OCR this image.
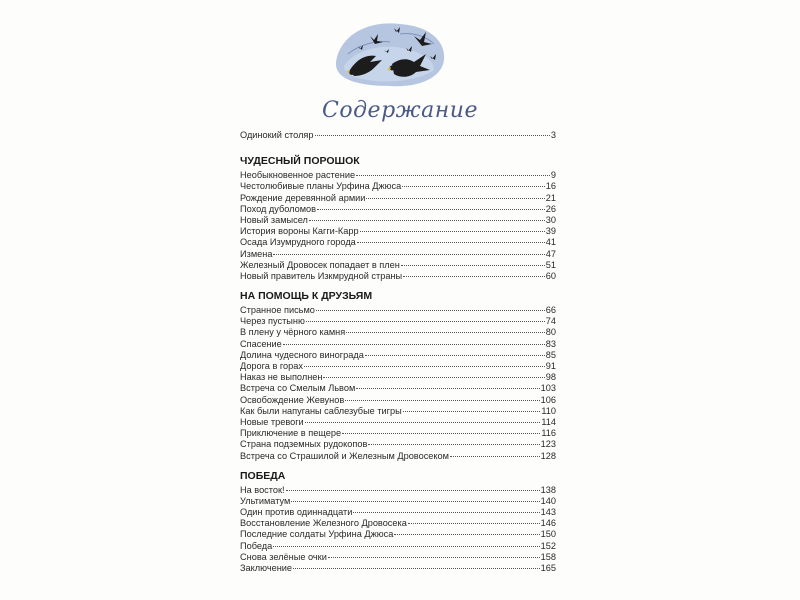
Содержание
Одинокий столяр	3
ЧУДЕСНЫЙ ПОРОШОК
Необыкновенное растение	9
Честолюбивые планы Урфина Джюса	16
Рождение деревянной армии	21
Поход дуболомов	26
Новый замысел	30
История вороны Кагги-Карр	39
Осада Изумрудного города	41
Измена	47
Железный Дровосек попадает в плен	51
Новый правитель Изкмрудной страны	60
НА ПОМОЩЬ К ДРУЗЬЯМ
Странное письмо	66
Через пустыню	74
В плену у чёрного камня	80
Спасение	83
Долина чудесного винограда	85
Дорога в горах	91
Наказ не выполнен	98
Встреча со Смелым Львом	103
Освобождение Жевунов	106
Как были напуганы саблезубые тигры	110
Новые тревоги	114
Приключение в пещере	116
Страна подземных рудокопов	123
Встреча со Страшилой и Железным Дровосеком	128
ПОБЕДА
На восток!	138
Ультиматум	140
Один против одиннадцати	143
Восстановление Железного Дровосека	146
Последние солдаты Урфина Джюса	150
Победа	152
Снова зелёные очки	158
Заключение	165
